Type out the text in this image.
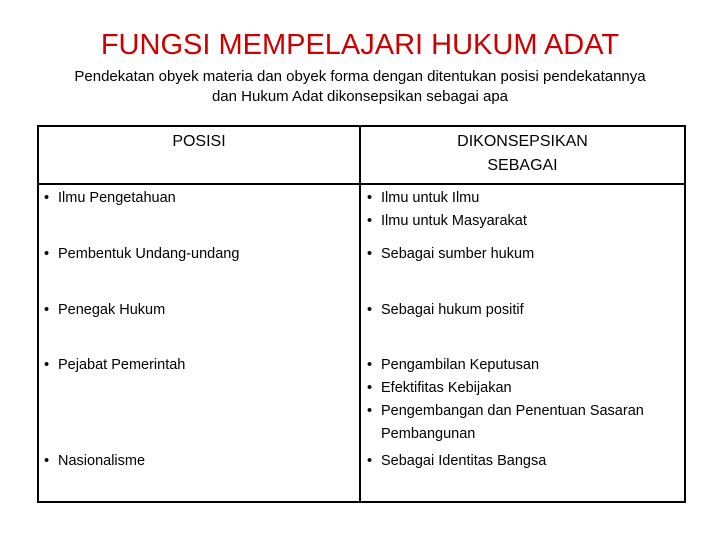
FUNGSI MEMPELAJARI HUKUM ADAT
Pendekatan obyek materia dan obyek forma dengan ditentukan posisi pendekatannya
dan Hukum Adat dikonsepsikan sebagai apa
POSISI	DIKONSEPSIKAN
SEBAGAI
• Ilmu Pengetahuan	• Ilmu untuk Ilmu
• Ilmu untuk Masyarakat
• Pembentuk Undang-undang	• Sebagai sumber hukum
• Penegak Hukum	• Sebagai hukum positif
• Pejabat Pemerintah	• Pengambilan Keputusan
• Efektifitas Kebijakan
• Pengembangan dan Penentuan Sasaran Pembangunan
• Nasionalisme	• Sebagai Identitas Bangsa
